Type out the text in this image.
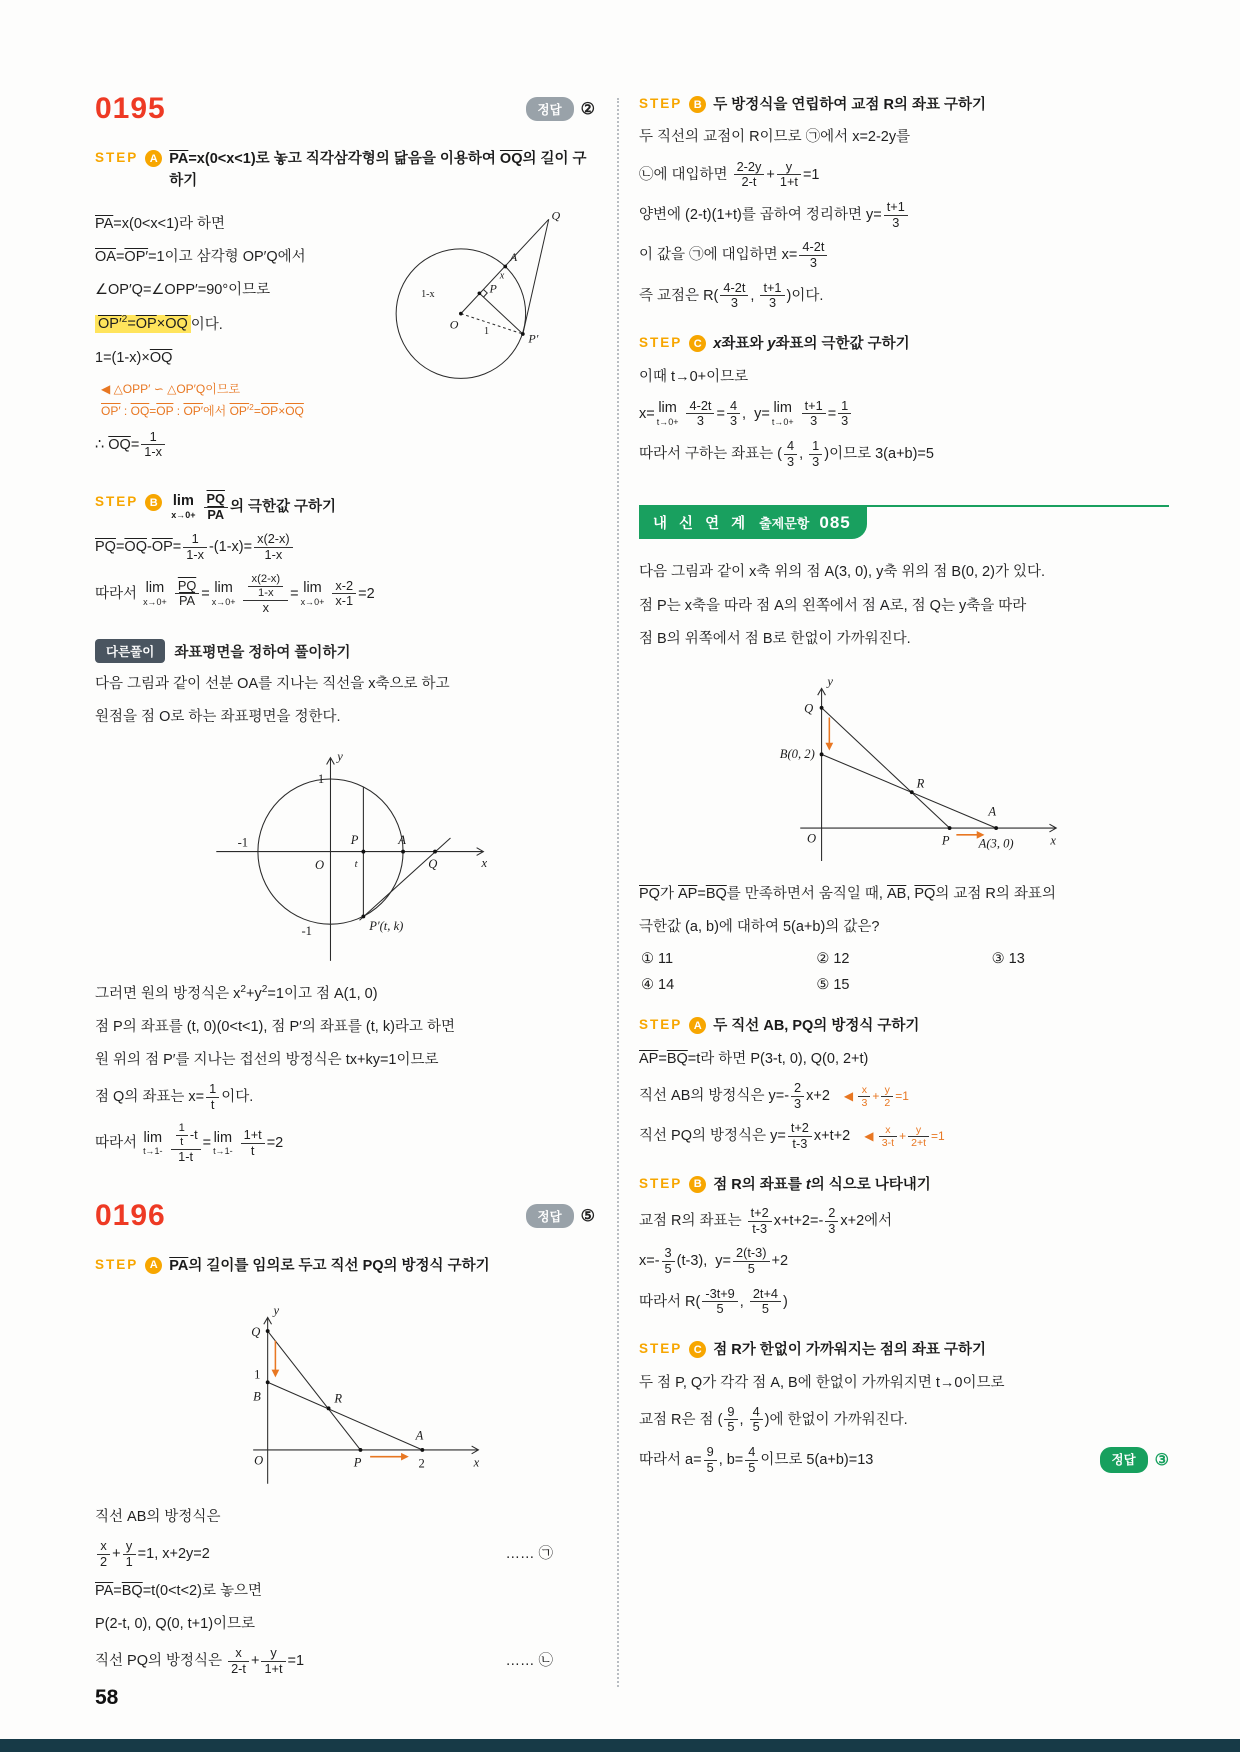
0195	정답	②
STEP	A $\overline{PA}=x(0<x<1)$로 놓고 직각삼각형의 닮음을 이용하여 $\overline{OQ}$의 길이 구하기
$\overline{PA}=x(0<x<1)$라 하면
$\overline{OA}=OP'=1$이고 삼각형 OP′Q에서
∠OP′Q=∠OPP′=90°이므로
$OP'^2=\overline{OP}\times\overline{OQ}$ 이다.
$1=(1-x)\times\overline{OQ}$
◀ △OPP′ ∽ △OP′Q이므로
OP′ : $\overline{OQ}=\overline{OP}$ : OP′에서 $OP'^2=\overline{OP}\times\overline{OQ}$
∴ $\overline{OQ}= \frac{1}{1-x}$
Q
A
x
P
1-x
O
1	P′
STEP	B	lim
x→0+
$\frac{\overline{PQ}}{PA}$ 의 극한값 구하기
$\overline{PQ}=\overline{OQ}-\overline{OP}= \frac{1}{1-x} -(1-x)= \frac{x(2-x)}{1-x}$
따라서 lim
x→0+
$\frac{\overline{PQ}}{PA} = \lim$
x→0+
$\frac{\frac{x(2-x)}{1-x}}{x} = \lim$
x→0+
$\frac{x-2}{x-1} =2$
다른풀이	좌표평면을 정하여 풀이하기
다음 그림과 같이 선분 OA를 지나는 직선을 x축으로 하고
원점을 점 O로 하는 좌표평면을 정한다.
y
1
-1	P
t
A
Q	x
P′(t, k)
-1
O
그러면 원의 방정식은 $x^2+y^2=1$이고 점 A(1, 0)
점 P의 좌표를 (t, 0)(0<t<1), 점 P′의 좌표를 (t, k)라고 하면
원 위의 점 P′를 지나는 접선의 방정식은 tx+ky=1이므로
점 Q의 좌표는 $x= \frac{1}{t}$ 이다.
따라서 lim
t→1-
$\frac{\frac{1}{t} -t}{1-t} = \lim$
t→1-
$\frac{1+t}{t} =2$
0196	정답	⑤
STEP	A $\overline{PA}$의 길이를 임의로 두고 직선 PQ의 방정식 구하기
y
Q
1
B	R
A
O	P	2	x
직선 AB의 방정식은
$\frac{x}{2} + \frac{y}{1} =1$, x+2y=2	…… ㉠
$\overline{PA}=\overline{BQ}=t(0<t<2)$로 놓으면
P(2-t, 0), Q(0, t+1)이므로
직선 PQ의 방정식은 $\frac{x}{2-t} + \frac{y}{1+t} =1$	…… ㉡
STEP	B 두 방정식을 연립하여 교점 R의 좌표 구하기
두 직선의 교점이 R이므로 ㉠에서 x=2-2y를
㉡에 대입하면 $\frac{2-2y}{2-t} + \frac{y}{1+t} =1$
양변에 (2-t)(1+t)를 곱하여 정리하면 $y= \frac{t+1}{3}$
이 값을 ㉠에 대입하면 $x= \frac{4-2t}{3}$
즉 교점은 $R( \frac{4-2t}{3}$ , $\frac{t+1}{3}$ )이다.
STEP	C x좌표와 y좌표의 극한값 구하기
이때 t→0+이므로
x= lim
t→0+
$\frac{4-2t}{3} = \frac{4}{3}$ ,  y= lim
t→0+
$\frac{t+1}{3} = \frac{1}{3}$
따라서 구하는 좌표는 ( $\frac{4}{3}$ , $\frac{1}{3}$ )이므로 3(a+b)=5
내 신 연 계 출제문항 085
다음 그림과 같이 x축 위의 점 A(3, 0), y축 위의 점 B(0, 2)가 있다.
점 P는 x축을 따라 점 A의 왼쪽에서 점 A로, 점 Q는 y축을 따라
점 B의 위쪽에서 점 B로 한없이 가까워진다.
y
Q
B(0, 2)
R
A
O	P A(3, 0)	x
$\overline{PQ}$가 $\overline{AP}=\overline{BQ}$를 만족하면서 움직일 때, $\overline{AB}$, $\overline{PQ}$의 교점 R의 좌표의
극한값 (a, b)에 대하여 5(a+b)의 값은?
① 11	② 12	③ 13
④ 14	⑤ 15
STEP	A 두 직선 AB, PQ의 방정식 구하기
$\overline{AP}=\overline{BQ}=t$라 하면 P(3-t, 0), Q(0, 2+t)
직선 AB의 방정식은 $y=- \frac{2}{3} x+2$ ◀ $\frac{x}{3} + \frac{y}{2} =1$
직선 PQ의 방정식은 $y= \frac{t+2}{t-3} x+t+2$ ◀ $\frac{x}{3-t} + \frac{y}{2+t} =1$
STEP	B 점 R의 좌표를 t의 식으로 나타내기
교점 R의 좌표는 $\frac{t+2}{t-3} x+t+2=- \frac{2}{3} x+2$에서
$x=- \frac{3}{5} (t-3)$,  $y= \frac{2(t-3)}{5} +2$
따라서 $R( \frac{-3t+9}{5}$ , $\frac{2t+4}{5}$ )
STEP	C 점 R가 한없이 가까워지는 점의 좌표 구하기
두 점 P, Q가 각각 점 A, B에 한없이 가까워지면 t→0이므로
교점 R은 점 ( $\frac{9}{5}$ , $\frac{4}{5}$ )에 한없이 가까워진다.
따라서 $a= \frac{9}{5}$ , $b= \frac{4}{5}$ 이므로 5(a+b)=13	정답	③
58
